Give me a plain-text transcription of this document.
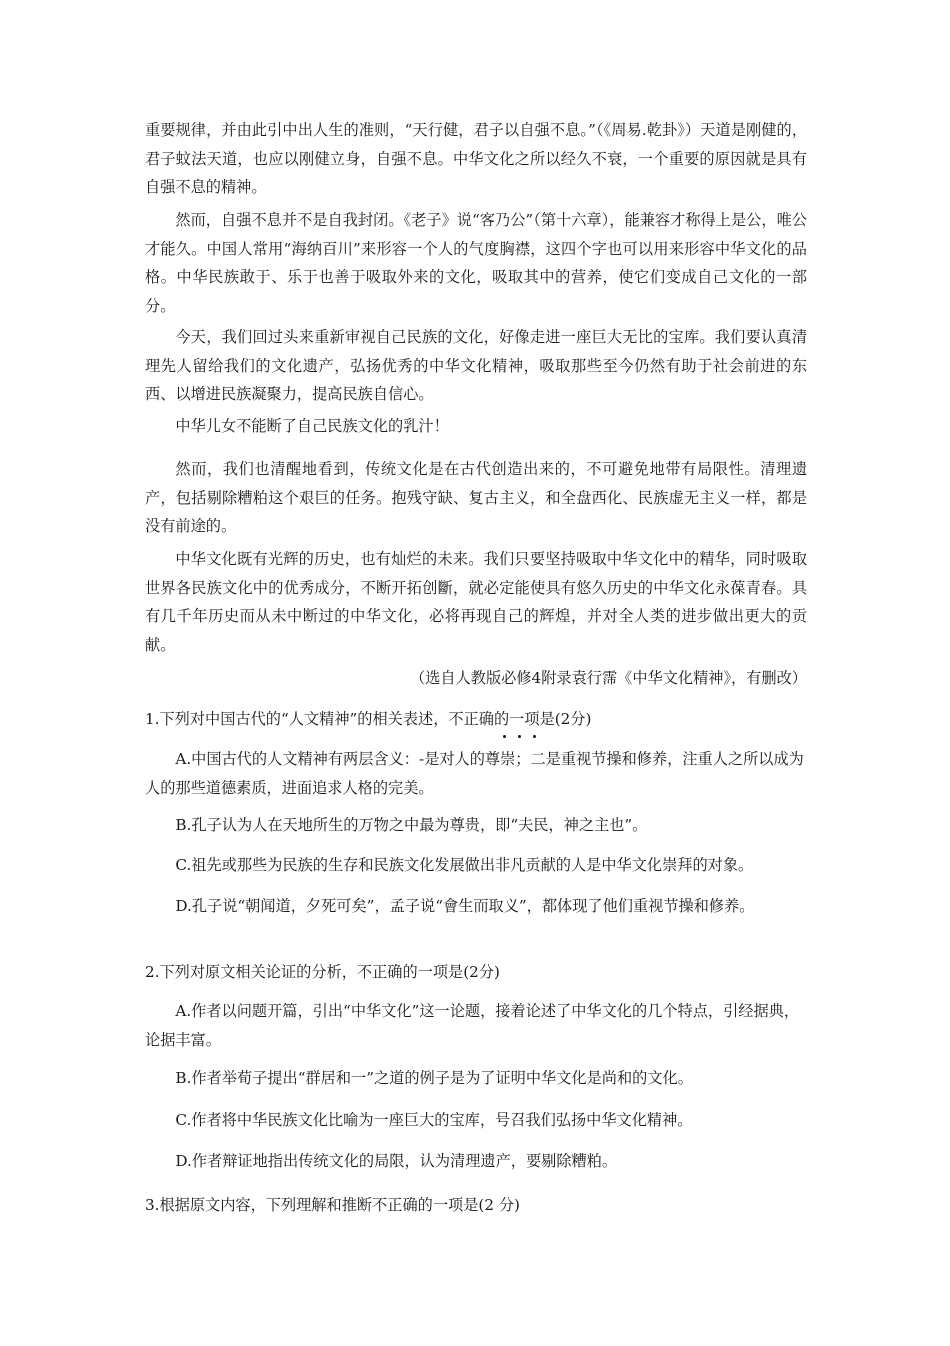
重要规律，并由此引中出人生的准则，“天行健，君子以自强不息。”（《周易.乾卦》）天道是刚健的，君子蚊法天道，也应以刚健立身，自强不息。中华文化之所以经久不衰，一个重要的原因就是具有自强不息的精神。

然而，自强不息并不是自我封闭。《老子》说“客乃公”（第十六章），能兼容才称得上是公，唯公才能久。中国人常用“海纳百川”来形容一个人的气度胸襟，这四个字也可以用来形容中华文化的品格。中华民族敢于、乐于也善于吸取外来的文化，吸取其中的营养，使它们变成自己文化的一部分。

今天，我们回过头来重新审视自己民族的文化，好像走进一座巨大无比的宝库。我们要认真清理先人留给我们的文化遗产，弘扬优秀的中华文化精神，吸取那些至今仍然有助于社会前进的东西、以增进民族凝聚力，提高民族自信心。

中华儿女不能断了自己民族文化的乳汁！

然而，我们也清醒地看到，传统文化是在古代创造出来的，不可避免地带有局限性。清理遗产，包括剔除糟粕这个艰巨的任务。抱残守缺、复古主义，和全盘西化、民族虚无主义一样，都是没有前途的。

中华文化既有光辉的历史，也有灿烂的未来。我们只要坚持吸取中华文化中的精华，同时吸取世界各民族文化中的优秀成分，不断开拓创斷，就必定能使具有悠久历史的中华文化永葆青春。具有几千年历史而从未中断过的中华文化，必将再现自己的辉煌，并对全人类的进步做出更大的贡献。

（选自人教版必修4附录袁行霈《中华文化精神》，有删改）

1.下列对中国古代的“人文精神”的相关表述，不正确的一项是(2分)

A.中国古代的人文精神有两层含义：-是对人的尊崇；二是重视节操和修养，注重人之所以成为人的那些道德素质，进面追求人格的完美。

B.孔子认为人在天地所生的万物之中最为尊贵，即“夫民，神之主也”。

C.祖先或那些为民族的生存和民族文化发展做出非凡贡献的人是中华文化崇拜的对象。

D.孔子说“朝闻道，夕死可矣”，孟子说“會生而取义”，都体现了他们重视节操和修养。

2.下列对原文相关论证的分析，不正确的一项是(2分)

A.作者以问题开篇，引出“中华文化”这一论题，接着论述了中华文化的几个特点，引经据典，论据丰富。

B.作者举荀子提出“群居和一”之道的例子是为了证明中华文化是尚和的文化。

C.作者将中华民族文化比喻为一座巨大的宝库，号召我们弘扬中华文化精神。

D.作者辩证地指出传统文化的局限，认为清理遗产，要剔除糟粕。

3.根据原文内容，下列理解和推断不正确的一项是(2 分)
